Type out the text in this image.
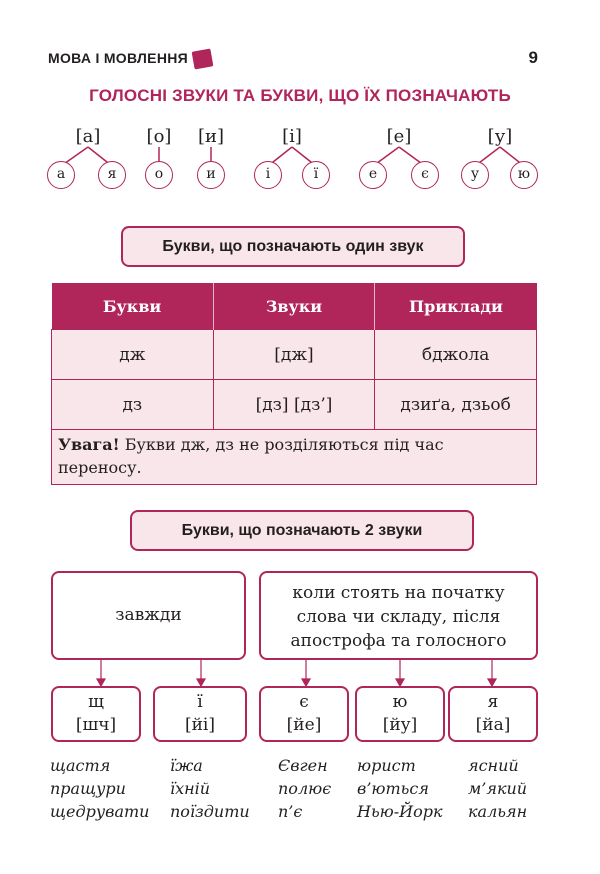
МОВА І МОВЛЕННЯ	9
ГОЛОСНІ ЗВУКИ ТА БУКВИ, ЩО ЇХ ПОЗНАЧАЮТЬ
[а]	[о]	[и]	[і]	[е]	[у]
а	я	о	и	і	ї	е	є	у	ю
Букви, що позначають один звук
Букви	Звуки	Приклади
дж	[дж]	бджола
дз	[дз] [дз’]	дзиґа, дзьоб
Увага! Букви дж, дз не розділяються під час переносу.		
Букви, що позначають 2 звуки
завжди
коли стоять на початку слова чи складу, після апострофа та голосного
щ
[шч]
ї
[йі]
є
[йе]
ю
[йу]
я
[йа]
щастя
пращури
щедрувати
їжа
їхній
поїздити
Євген
полює
п’є
юрист
в’ються
Нью-Йорк
ясний
м’який
кальян
